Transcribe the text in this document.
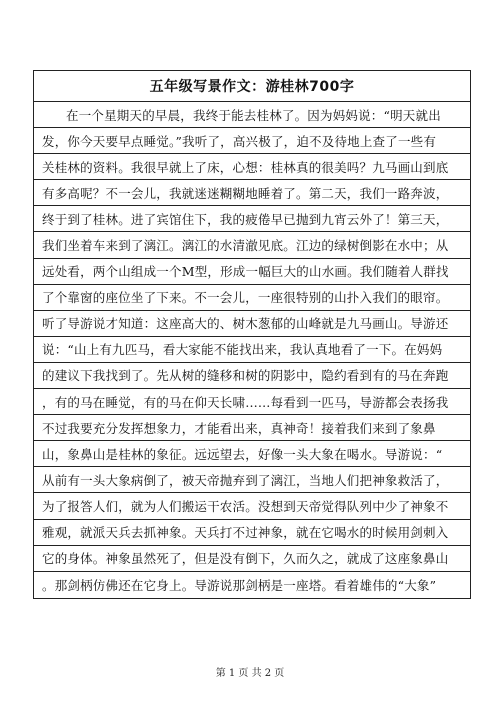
五年级写景作文：游桂林700字
在一个星期天的早晨，我终于能去桂林了。因为妈妈说：“明天就出
发，你今天要早点睡觉。”我听了，高兴极了，迫不及待地上查了一些有
关桂林的资料。我很早就上了床，心想：桂林真的很美吗？九马画山到底
有多高呢？不一会儿，我就迷迷糊糊地睡着了。第二天，我们一路奔波，
终于到了桂林。进了宾馆住下，我的疲倦早已抛到九宵云外了！第三天，
我们坐着车来到了漓江。漓江的水清澈见底。江边的绿树倒影在水中；从
远处看，两个山组成一个M型，形成一幅巨大的山水画。我们随着人群找
了个靠窗的座位坐了下来。不一会儿，一座很特别的山扑入我们的眼帘。
听了导游说才知道：这座高大的、树木葱郁的山峰就是九马画山。导游还
说：“山上有九匹马，看大家能不能找出来，我认真地看了一下。在妈妈
的建议下我找到了。先从树的缝移和树的阴影中，隐约看到有的马在奔跑
，有的马在睡觉，有的马在仰天长啸……每看到一匹马，导游都会表扬我
不过我要充分发挥想象力，才能看出来，真神奇！接着我们来到了象鼻
山，象鼻山是桂林的象征。远远望去，好像一头大象在喝水。导游说：“
从前有一头大象病倒了，被天帝抛弃到了漓江，当地人们把神象救活了，
为了报答人们，就为人们搬运干农活。没想到天帝觉得队列中少了神象不
雅观，就派天兵去抓神象。天兵打不过神象，就在它喝水的时候用剑刺入
它的身体。神象虽然死了，但是没有倒下，久而久之，就成了这座象鼻山
。那剑柄仿佛还在它身上。导游说那剑柄是一座塔。看着雄伟的“大象”
第 1 页 共 2 页
